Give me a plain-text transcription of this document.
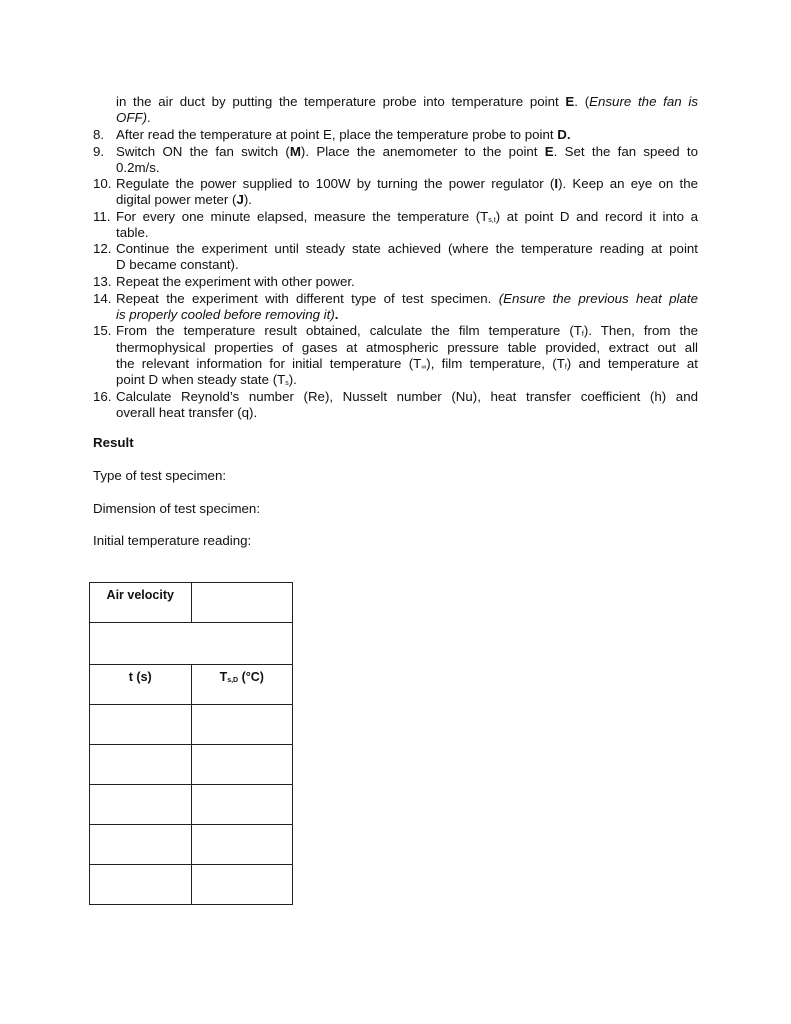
in the air duct by putting the temperature probe into temperature point E. (Ensure the fan is
OFF).
8. After read the temperature at point E, place the temperature probe to point D.
9. Switch ON the fan switch (M). Place the anemometer to the point E. Set the fan speed to
0.2m/s.
10. Regulate the power supplied to 100W by turning the power regulator (I). Keep an eye on the
digital power meter (J).
11. For every one minute elapsed, measure the temperature $(T_{s,t})$ at point D and record it into a
table.
12. Continue the experiment until steady state achieved (where the temperature reading at point
D became constant).
13. Repeat the experiment with other power.
14. Repeat the experiment with different type of test specimen. (Ensure the previous heat plate
is properly cooled before removing it).
15. From the temperature result obtained, calculate the film temperature $(T_f)$. Then, from the
thermophysical properties of gases at atmospheric pressure table provided, extract out all
the relevant information for initial temperature $(T_\infty)$, film temperature, $(T_f)$ and temperature at
point D when steady state $(T_s)$.
16. Calculate Reynold’s number (Re), Nusselt number (Nu), heat transfer coefficient (h) and
overall heat transfer (q).
Result
Type of test specimen:
Dimension of test specimen:
Initial temperature reading:
Air velocity	

t (s)	$T_{s,D}$ (°C)
